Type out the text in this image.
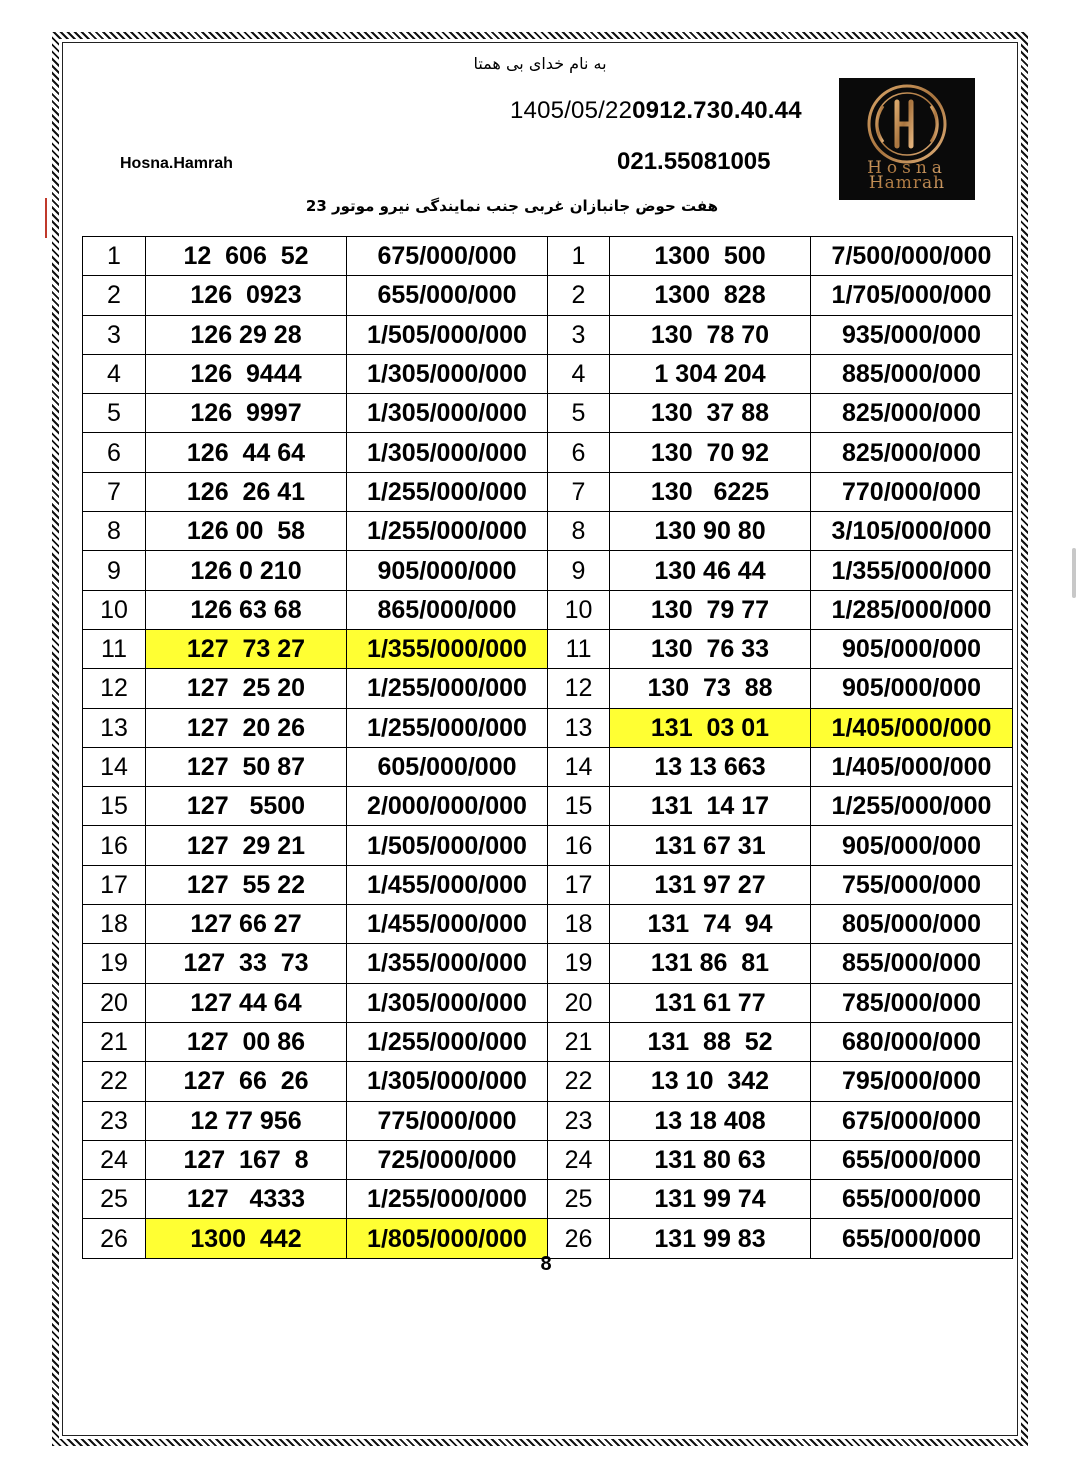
به نام خدای بی همتا
1405/05/220912.730.40.44
021.55081005
Hosna.Hamrah	Hosna
Hamrah
هفت حوض جانبازان غربی جنب نمایندگی نیرو موتور 23
1	12  606  52	675/000/000	1	1300  500	7/500/000/000
2	126  0923	655/000/000	2	1300  828	1/705/000/000
3	126 29 28	1/505/000/000	3	130  78 70	935/000/000
4	126  9444	1/305/000/000	4	1 304 204	885/000/000
5	126  9997	1/305/000/000	5	130  37 88	825/000/000
6	126  44 64	1/305/000/000	6	130  70 92	825/000/000
7	126  26 41	1/255/000/000	7	130   6225	770/000/000
8	126 00  58	1/255/000/000	8	130 90 80	3/105/000/000
9	126 0 210	905/000/000	9	130 46 44	1/355/000/000
10	126 63 68	865/000/000	10	130  79 77	1/285/000/000
11	127  73 27	1/355/000/000	11	130  76 33	905/000/000
12	127  25 20	1/255/000/000	12	130  73  88	905/000/000
13	127  20 26	1/255/000/000	13	131  03 01	1/405/000/000
14	127  50 87	605/000/000	14	13 13 663	1/405/000/000
15	127   5500	2/000/000/000	15	131  14 17	1/255/000/000
16	127  29 21	1/505/000/000	16	131 67 31	905/000/000
17	127  55 22	1/455/000/000	17	131 97 27	755/000/000
18	127 66 27	1/455/000/000	18	131  74  94	805/000/000
19	127  33  73	1/355/000/000	19	131 86  81	855/000/000
20	127 44 64	1/305/000/000	20	131 61 77	785/000/000
21	127  00 86	1/255/000/000	21	131  88  52	680/000/000
22	127  66  26	1/305/000/000	22	13 10  342	795/000/000
23	12 77 956	775/000/000	23	13 18 408	675/000/000
24	127  167  8	725/000/000	24	131 80 63	655/000/000
25	127   4333	1/255/000/000	25	131 99 74	655/000/000
26	1300  442	1/805/000/000	26	131 99 83	655/000/000
8
